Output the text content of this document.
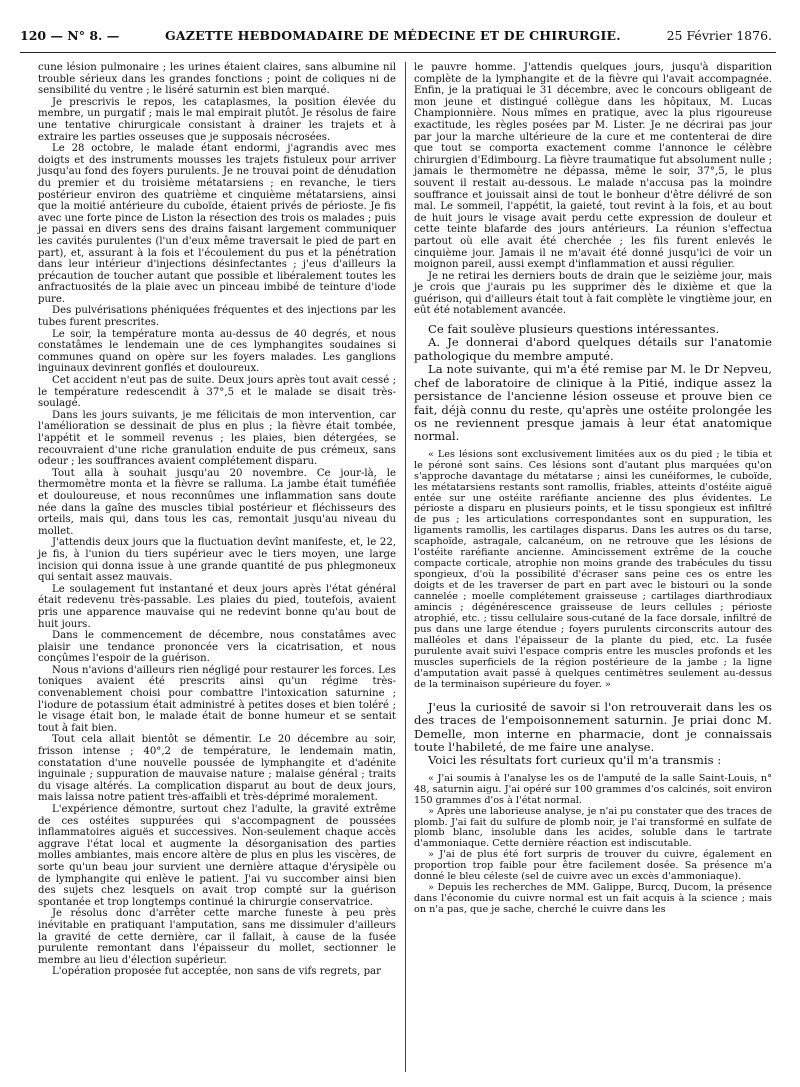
120 — N° 8. —	GAZETTE HEBDOMADAIRE DE MÉDECINE ET DE CHIRURGIE.	25 Février 1876.

cune lésion pulmonaire ; les urines étaient claires, sans albumine nil trouble sérieux dans les grandes fonctions ; point de coliques ni de sensibilité du ventre ; le liséré saturnin est bien marqué.

Je prescrivis le repos, les cataplasmes, la position élevée du membre, un purgatif ; mais le mal empirait plutôt. Je résolus de faire une tentative chirurgicale consistant à drainer les trajets et à extraire les parties osseuses que je supposais nécrosées.

Le 28 octobre, le malade étant endormi, j'agrandis avec mes doigts et des instruments mousses les trajets fistuleux pour arriver jusqu'au fond des foyers purulents. Je ne trouvai point de dénudation du premier et du troisième métatarsiens ; en revanche, le tiers postérieur environ des quatrième et cinquième métatarsiens, ainsi que la moitié antérieure du cuboïde, étaient privés de périoste. Je fis avec une forte pince de Liston la résection des trois os malades ; puis je passai en divers sens des drains faisant largement communiquer les cavités purulentes (l'un d'eux même traversait le pied de part en part), et, assurant à la fois et l'écoulement du pus et la pénétration dans leur intérieur d'injections désinfectantes ; j'eus d'ailleurs la précaution de toucher autant que possible et libéralement toutes les anfractuosités de la plaie avec un pinceau imbibé de teinture d'iode pure.

Des pulvérisations phéniquées fréquentes et des injections par les tubes furent prescrites.

Le soir, la température monta au-dessus de 40 degrés, et nous constatâmes le lendemain une de ces lymphangites soudaines si communes quand on opère sur les foyers malades. Les ganglions inguinaux devinrent gonflés et douloureux.

Cet accident n'eut pas de suite. Deux jours après tout avait cessé ; le température redescendit à 37°,5 et le malade se disait très-soulagé.

Dans les jours suivants, je me félicitais de mon intervention, car l'amélioration se dessinait de plus en plus ; la fièvre était tombée, l'appétit et le sommeil revenus ; les plaies, bien détergées, se recouvraient d'une riche granulation enduite de pus crémeux, sans odeur ; les souffrances avaient complétement disparu.

Tout alla à souhait jusqu'au 20 novembre. Ce jour-là, le thermomètre monta et la fièvre se ralluma. La jambe était tuméfiée et douloureuse, et nous reconnûmes une inflammation sans doute née dans la gaîne des muscles tibial postérieur et fléchisseurs des orteils, mais qui, dans tous les cas, remontait jusqu'au niveau du mollet.

J'attendis deux jours que la fluctuation devînt manifeste, et, le 22, je fis, à l'union du tiers supérieur avec le tiers moyen, une large incision qui donna issue à une grande quantité de pus phlegmoneux qui sentait assez mauvais.

Le soulagement fut instantané et deux jours après l'état général était redevenu très-passable. Les plaies du pied, toutefois, avaient pris une apparence mauvaise qui ne redevint bonne qu'au bout de huit jours.

Dans le commencement de décembre, nous constatâmes avec plaisir une tendance prononcée vers la cicatrisation, et nous conçûmes l'espoir de la guérison.

Nous n'avions d'ailleurs rien négligé pour restaurer les forces. Les toniques avaient été prescrits ainsi qu'un régime très-convenablement choisi pour combattre l'intoxication saturnine ; l'iodure de potassium était administré à petites doses et bien toléré ; le visage était bon, le malade était de bonne humeur et se sentait tout à fait bien.

Tout cela allait bientôt se démentir. Le 20 décembre au soir, frisson intense ; 40°,2 de température, le lendemain matin, constatation d'une nouvelle poussée de lymphangite et d'adénite inguinale ; suppuration de mauvaise nature ; malaise général ; traits du visage altérés. La complication disparut au bout de deux jours, mais laissa notre patient très-affaibli et très-déprimé moralement.

L'expérience démontre, surtout chez l'adulte, la gravité extrême de ces ostéites suppurées qui s'accompagnent de poussées inflammatoires aiguës et successives. Non-seulement chaque accès aggrave l'état local et augmente la désorganisation des parties molles ambiantes, mais encore altère de plus en plus les viscères, de sorte qu'un beau jour survient une dernière attaque d'érysipèle ou de lymphangite qui enlève le patient. J'ai vu succomber ainsi bien des sujets chez lesquels on avait trop compté sur la guérison spontanée et trop longtemps continué la chirurgie conservatrice.

Je résolus donc d'arrêter cette marche funeste à peu près inévitable en pratiquant l'amputation, sans me dissimuler d'ailleurs la gravité de cette dernière, car il fallait, à cause de la fusée purulente remontant dans l'épaisseur du mollet, sectionner le membre au lieu d'élection supérieur.

L'opération proposée fut acceptée, non sans de vifs regrets, par

le pauvre homme. J'attendis quelques jours, jusqu'à disparition complète de la lymphangite et de la fièvre qui l'avait accompagnée. Enfin, je la pratiquai le 31 décembre, avec le concours obligeant de mon jeune et distingué collègue dans les hôpitaux, M. Lucas Championnière. Nous mîmes en pratique, avec la plus rigoureuse exactitude, les règles posées par M. Lister. Je ne décrirai pas jour par jour la marche ultérieure de la cure et me contenterai de dire que tout se comporta exactement comme l'annonce le célèbre chirurgien d'Edimbourg. La fièvre traumatique fut absolument nulle ; jamais le thermomètre ne dépassa, même le soir, 37°,5, le plus souvent il restait au-dessous. Le malade n'accusa pas la moindre souffrance et jouissait ainsi de tout le bonheur d'être délivré de son mal. Le sommeil, l'appétit, la gaieté, tout revint à la fois, et au bout de huit jours le visage avait perdu cette expression de douleur et cette teinte blafarde des jours antérieurs. La réunion s'effectua partout où elle avait été cherchée ; les fils furent enlevés le cinquième jour. Jamais il ne m'avait été donné jusqu'ici de voir un moignon pareil, aussi exempt d'inflammation et aussi régulier.

Je ne retirai les derniers bouts de drain que le seizième jour, mais je crois que j'aurais pu les supprimer dès le dixième et que la guérison, qui d'ailleurs était tout à fait complète le vingtième jour, en eût été notablement avancée.

Ce fait soulève plusieurs questions intéressantes.

A. Je donnerai d'abord quelques détails sur l'anatomie pathologique du membre amputé.

La note suivante, qui m'a été remise par M. le Dr Nepveu, chef de laboratoire de clinique à la Pitié, indique assez la persistance de l'ancienne lésion osseuse et prouve bien ce fait, déjà connu du reste, qu'après une ostéite prolongée les os ne reviennent presque jamais à leur état anatomique normal.

« Les lésions sont exclusivement limitées aux os du pied ; le tibia et le péroné sont sains. Ces lésions sont d'autant plus marquées qu'on s'approche davantage du métatarse ; ainsi les cunéiformes, le cuboïde, les métatarsiens restants sont ramollis, friables, atteints d'ostéite aiguë entée sur une ostéite raréfiante ancienne des plus évidentes. Le périoste a disparu en plusieurs points, et le tissu spongieux est infiltré de pus ; les articulations correspondantes sont en suppuration, les ligaments ramollis, les cartilages disparus. Dans les autres os du tarse, scaphoïde, astragale, calcanéum, on ne retrouve que les lésions de l'ostéite raréfiante ancienne. Amincissement extrême de la couche compacte corticale, atrophie non moins grande des trabécules du tissu spongieux, d'où la possibilité d'écraser sans peine ces os entre les doigts et de les traverser de part en part avec le bistouri ou la sonde cannelée ; moelle complétement graisseuse ; cartilages diarthrodiaux amincis ; dégénérescence graisseuse de leurs cellules ; périoste atrophié, etc. ; tissu cellulaire sous-cutané de la face dorsale, infiltré de pus dans une large étendue ; foyers purulents circonscrits autour des malléoles et dans l'épaisseur de la plante du pied, etc. La fusée purulente avait suivi l'espace compris entre les muscles profonds et les muscles superficiels de la région postérieure de la jambe ; la ligne d'amputation avait passé à quelques centimètres seulement au-dessus de la terminaison supérieure du foyer. »

J'eus la curiosité de savoir si l'on retrouverait dans les os des traces de l'empoisonnement saturnin. Je priai donc M. Demelle, mon interne en pharmacie, dont je connaissais toute l'habileté, de me faire une analyse.

Voici les résultats fort curieux qu'il m'a transmis :

« J'ai soumis à l'analyse les os de l'amputé de la salle Saint-Louis, n° 48, saturnin aigu. J'ai opéré sur 100 grammes d'os calcinés, soit environ 150 grammes d'os à l'état normal.

» Après une laborieuse analyse, je n'ai pu constater que des traces de plomb. J'ai fait du sulfure de plomb noir, je l'ai transformé en sulfate de plomb blanc, insoluble dans les acides, soluble dans le tartrate d'ammoniaque. Cette dernière réaction est indiscutable.

» J'ai de plus été fort surpris de trouver du cuivre, également en proportion trop faible pour être facilement dosée. Sa présence m'a donné le bleu céleste (sel de cuivre avec un excès d'ammoniaque).

» Depuis les recherches de MM. Galippe, Burcq, Ducom, la présence dans l'économie du cuivre normal est un fait acquis à la science ; mais on n'a pas, que je sache, cherché le cuivre dans les
